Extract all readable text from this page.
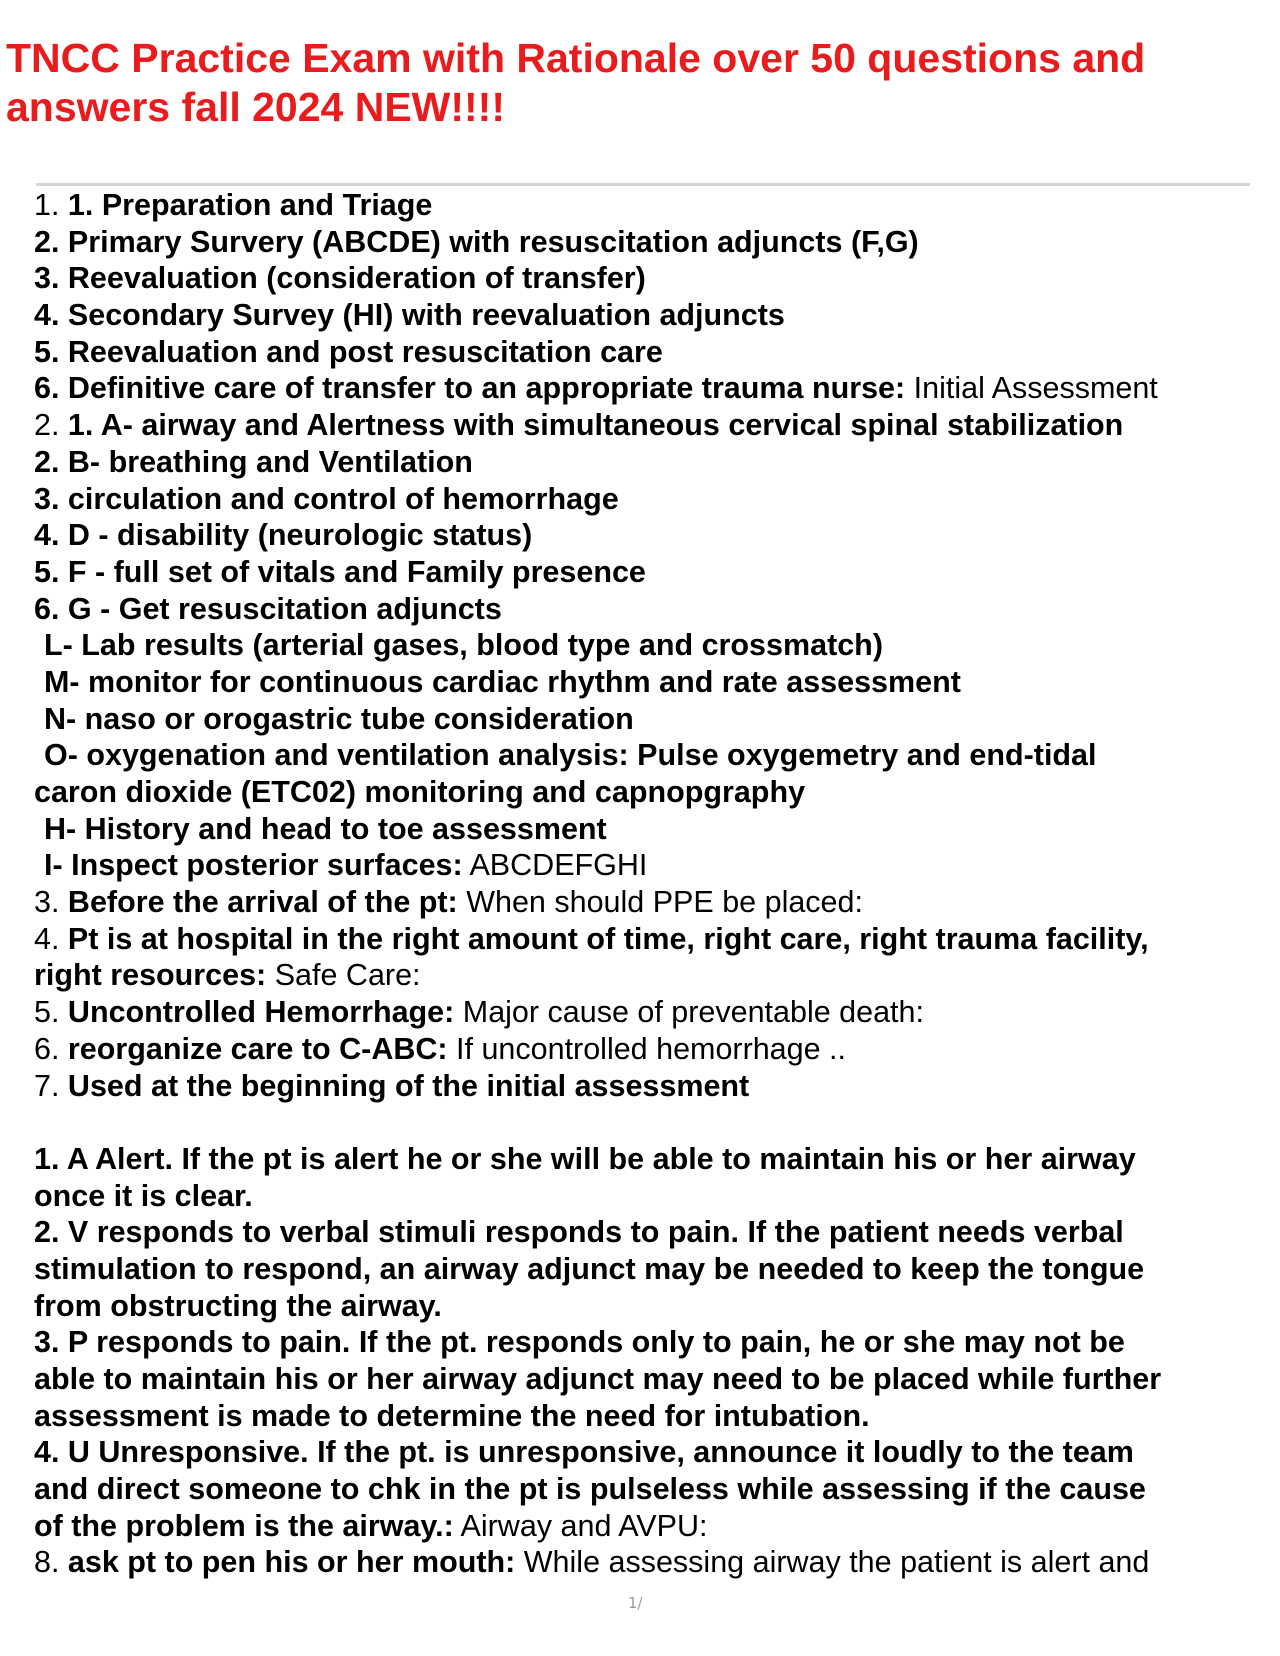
TNCC Practice Exam with Rationale over 50 questions and answers fall 2024 NEW!!!!
1. 1. Preparation and Triage
2. Primary Survery (ABCDE) with resuscitation adjuncts (F,G)
3. Reevaluation (consideration of transfer)
4. Secondary Survey (HI) with reevaluation adjuncts
5. Reevaluation and post resuscitation care
6. Definitive care of transfer to an appropriate trauma nurse: Initial Assessment
2. 1. A- airway and Alertness with simultaneous cervical spinal stabilization
2. B- breathing and Ventilation
3. circulation and control of hemorrhage
4. D - disability (neurologic status)
5. F - full set of vitals and Family presence
6. G - Get resuscitation adjuncts
L- Lab results (arterial gases, blood type and crossmatch)
M- monitor for continuous cardiac rhythm and rate assessment
N- naso or orogastric tube consideration
O- oxygenation and ventilation analysis: Pulse oxygemetry and end-tidal
caron dioxide (ETC02) monitoring and capnopgraphy
H- History and head to toe assessment
I- Inspect posterior surfaces: ABCDEFGHI
3. Before the arrival of the pt: When should PPE be placed:
4. Pt is at hospital in the right amount of time, right care, right trauma facility,
right resources: Safe Care:
5. Uncontrolled Hemorrhage: Major cause of preventable death:
6. reorganize care to C-ABC: If uncontrolled hemorrhage ..
7. Used at the beginning of the initial assessment
1. A Alert. If the pt is alert he or she will be able to maintain his or her airway
once it is clear.
2. V responds to verbal stimuli responds to pain. If the patient needs verbal
stimulation to respond, an airway adjunct may be needed to keep the tongue
from obstructing the airway.
3. P responds to pain. If the pt. responds only to pain, he or she may not be
able to maintain his or her airway adjunct may need to be placed while further
assessment is made to determine the need for intubation.
4. U Unresponsive. If the pt. is unresponsive, announce it loudly to the team
and direct someone to chk in the pt is pulseless while assessing if the cause
of the problem is the airway.: Airway and AVPU:
8. ask pt to pen his or her mouth: While assessing airway the patient is alert and
1/
